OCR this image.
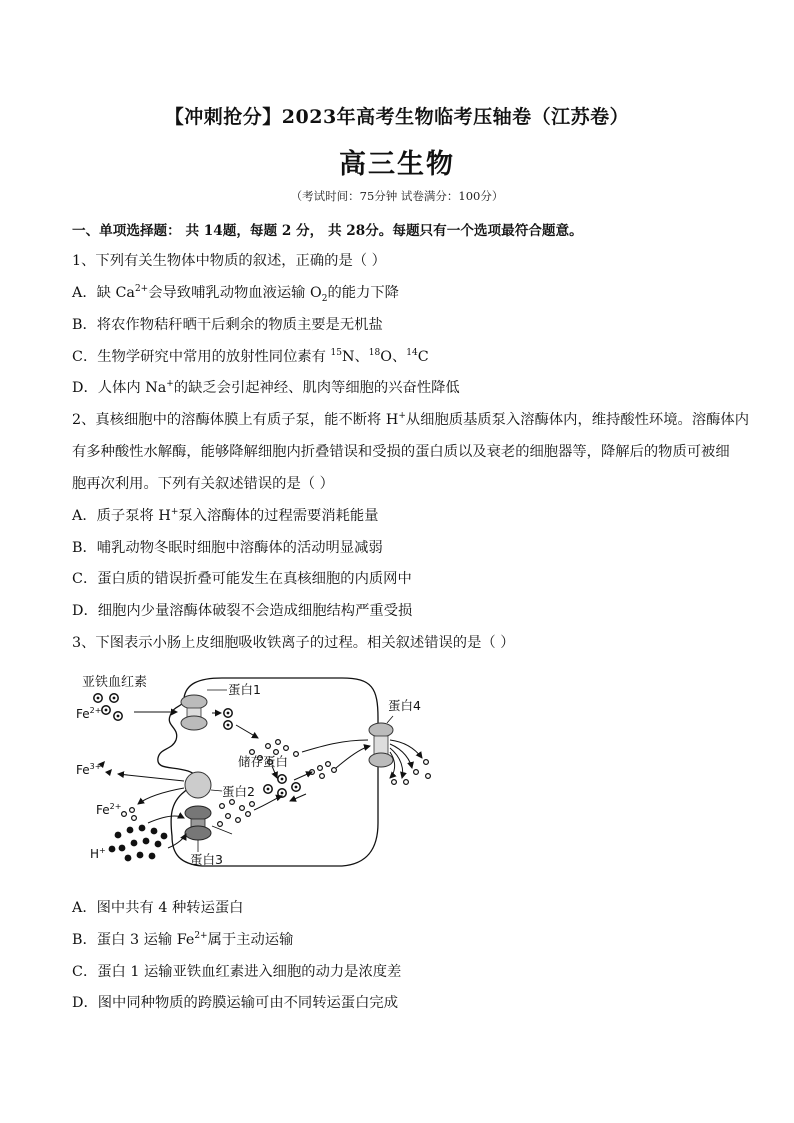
【冲刺抢分】2023年高考生物临考压轴卷（江苏卷）
高三生物
（考试时间：75分钟 试卷满分：100分）
一、单项选择题： 共 14题，每题 2 分， 共 28分。每题只有一个选项最符合题意。
1、下列有关生物体中物质的叙述，正确的是（ ）
A．缺 $Ca^{2+}$会导致哺乳动物血液运输 $O_2$的能力下降
B．将农作物秸秆晒干后剩余的物质主要是无机盐
C．生物学研究中常用的放射性同位素有 $^{15}$N、$^{18}$O、$^{14}$C
D．人体内 Na+的缺乏会引起神经、肌肉等细胞的兴奋性降低
2、真核细胞中的溶酶体膜上有质子泵，能不断将 H+从细胞质基质泵入溶酶体内，维持酸性环境。溶酶体内
有多种酸性水解酶，能够降解细胞内折叠错误和受损的蛋白质以及衰老的细胞器等，降解后的物质可被细
胞再次利用。下列有关叙述错误的是（ ）
A．质子泵将 H+泵入溶酶体的过程需要消耗能量
B．哺乳动物冬眠时细胞中溶酶体的活动明显减弱
C．蛋白质的错误折叠可能发生在真核细胞的内质网中
D．细胞内少量溶酶体破裂不会造成细胞结构严重受损
3、下图表示小肠上皮细胞吸收铁离子的过程。相关叙述错误的是（ ）
亚铁血红素
$Fe^{2+}$
蛋白1
蛋白4
储存蛋白
$Fe^{3+}$
蛋白2
$Fe^{2+}$
H+
蛋白3
A．图中共有 4 种转运蛋白
B．蛋白 3 运输 $Fe^{2+}$属于主动运输
C．蛋白 1 运输亚铁血红素进入细胞的动力是浓度差
D．图中同种物质的跨膜运输可由不同转运蛋白完成
